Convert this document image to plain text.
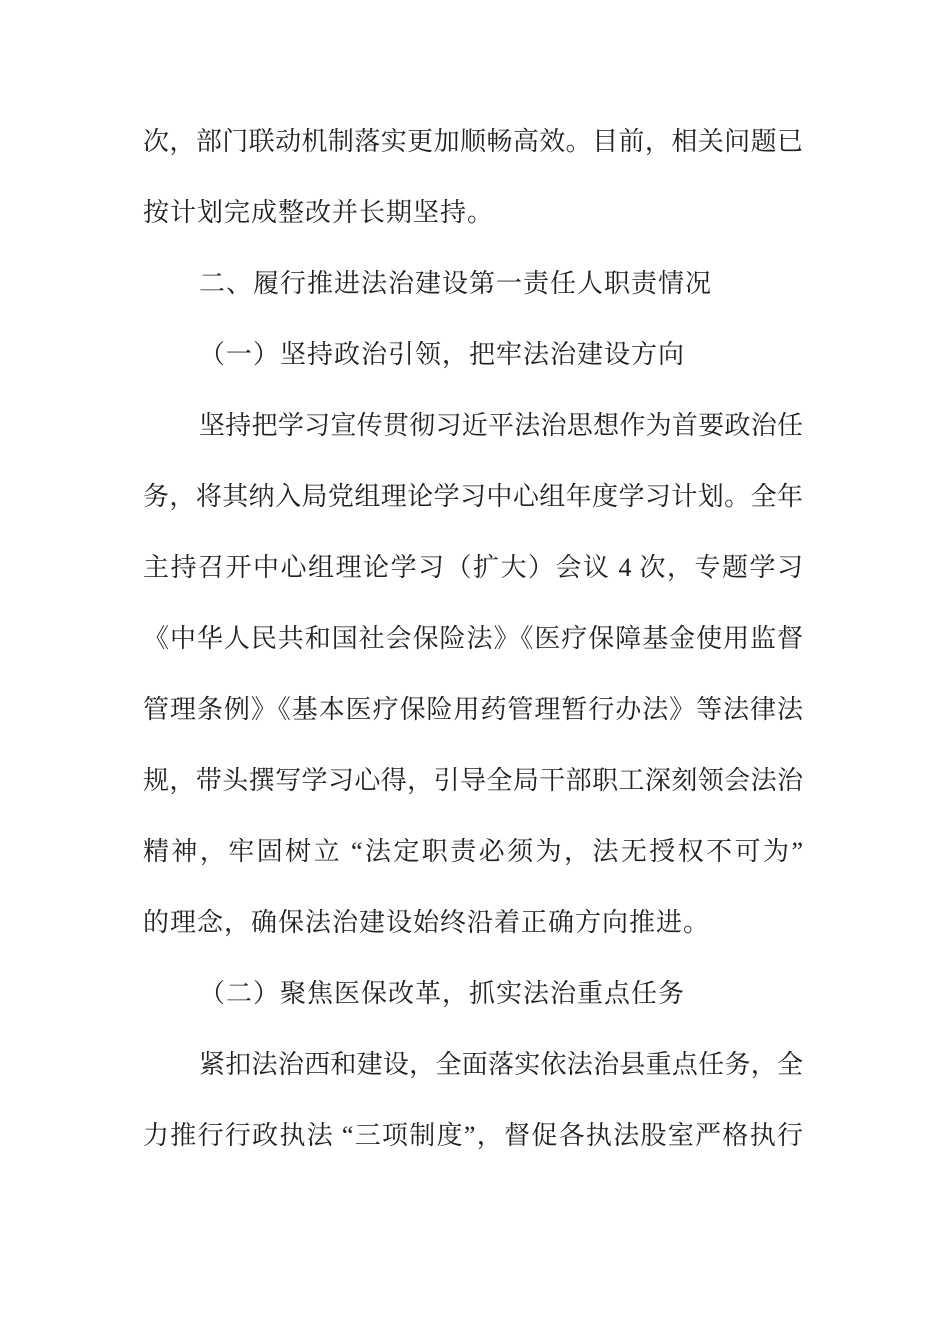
次，部门联动机制落实更加顺畅高效。目前，相关问题已
按计划完成整改并长期坚持。
二、履行推进法治建设第一责任人职责情况
（一）坚持政治引领，把牢法治建设方向
坚持把学习宣传贯彻习近平法治思想作为首要政治任
务，将其纳入局党组理论学习中心组年度学习计划。全年
主持召开中心组理论学习（扩大）会议 4 次，专题学习
《中华人民共和国社会保险法》《医疗保障基金使用监督
管理条例》《基本医疗保险用药管理暂行办法》等法律法
规，带头撰写学习心得，引导全局干部职工深刻领会法治
精神，牢固树立 “法定职责必须为，法无授权不可为”
的理念，确保法治建设始终沿着正确方向推进。
（二）聚焦医保改革，抓实法治重点任务
紧扣法治西和建设，全面落实依法治县重点任务，全
力推行行政执法 “三项制度”，督促各执法股室严格执行
